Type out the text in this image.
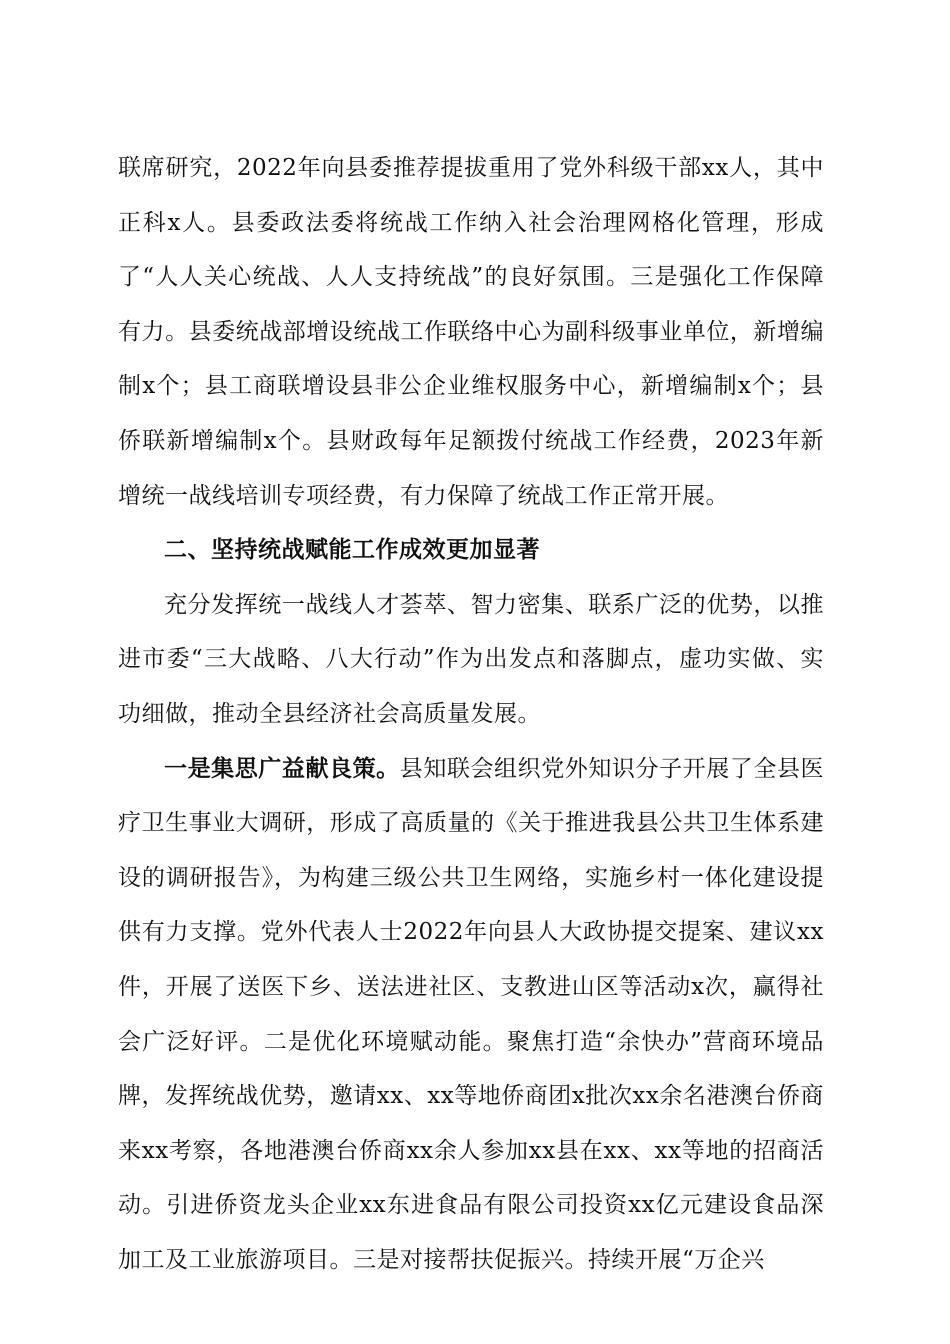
联席研究，2022年向县委推荐提拔重用了党外科级干部xx人，其中正科x人。县委政法委将统战工作纳入社会治理网格化管理，形成了“人人关心统战、人人支持统战”的良好氛围。三是强化工作保障有力。县委统战部增设统战工作联络中心为副科级事业单位，新增编制x个；县工商联增设县非公企业维权服务中心，新增编制x个；县侨联新增编制x个。县财政每年足额拨付统战工作经费，2023年新增统一战线培训专项经费，有力保障了统战工作正常开展。

二、坚持统战赋能工作成效更加显著

充分发挥统一战线人才荟萃、智力密集、联系广泛的优势，以推进市委“三大战略、八大行动”作为出发点和落脚点，虚功实做、实功细做，推动全县经济社会高质量发展。

一是集思广益献良策。县知联会组织党外知识分子开展了全县医疗卫生事业大调研，形成了高质量的《关于推进我县公共卫生体系建设的调研报告》，为构建三级公共卫生网络，实施乡村一体化建设提供有力支撑。党外代表人士2022年向县人大政协提交提案、建议xx件，开展了送医下乡、送法进社区、支教进山区等活动x次，赢得社会广泛好评。二是优化环境赋动能。聚焦打造“余快办”营商环境品牌，发挥统战优势，邀请xx、xx等地侨商团x批次xx余名港澳台侨商来xx考察，各地港澳台侨商xx余人参加xx县在xx、xx等地的招商活动。引进侨资龙头企业xx东进食品有限公司投资xx亿元建设食品深加工及工业旅游项目。三是对接帮扶促振兴。持续开展“万企兴
